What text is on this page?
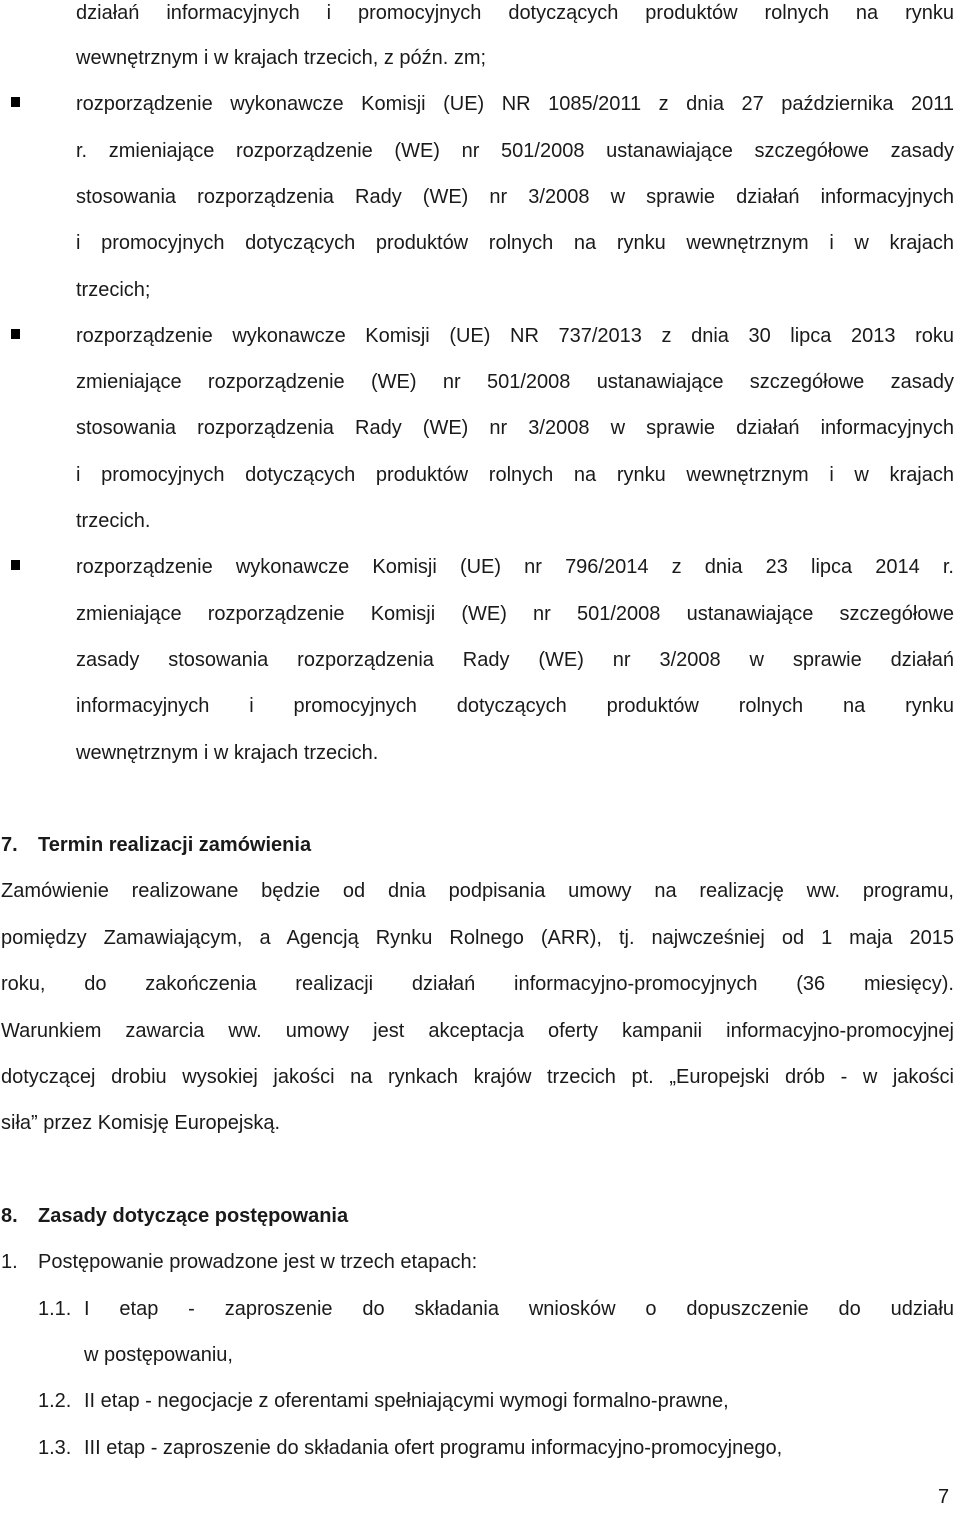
działań informacyjnych i promocyjnych dotyczących produktów rolnych na rynku
wewnętrznym i w krajach trzecich, z późn. zm;
rozporządzenie wykonawcze Komisji (UE) NR 1085/2011 z dnia 27 października 2011
r. zmieniające rozporządzenie (WE) nr 501/2008 ustanawiające szczegółowe zasady
stosowania rozporządzenia Rady (WE) nr 3/2008 w sprawie działań informacyjnych
i promocyjnych dotyczących produktów rolnych na rynku wewnętrznym i w krajach
trzecich;
rozporządzenie wykonawcze Komisji (UE) NR 737/2013 z dnia 30 lipca 2013 roku
zmieniające rozporządzenie (WE) nr 501/2008 ustanawiające szczegółowe zasady
stosowania rozporządzenia Rady (WE) nr 3/2008 w sprawie działań informacyjnych
i promocyjnych dotyczących produktów rolnych na rynku wewnętrznym i w krajach
trzecich.
rozporządzenie wykonawcze Komisji (UE) nr 796/2014 z dnia 23 lipca 2014 r.
zmieniające rozporządzenie Komisji (WE) nr 501/2008 ustanawiające szczegółowe
zasady stosowania rozporządzenia Rady (WE) nr 3/2008 w sprawie działań
informacyjnych i promocyjnych dotyczących produktów rolnych na rynku
wewnętrznym i w krajach trzecich.
7. Termin realizacji zamówienia
Zamówienie realizowane będzie od dnia podpisania umowy na realizację ww. programu,
pomiędzy Zamawiającym, a Agencją Rynku Rolnego (ARR), tj. najwcześniej od 1 maja 2015
roku, do zakończenia realizacji działań informacyjno-promocyjnych (36 miesięcy).
Warunkiem zawarcia ww. umowy jest akceptacja oferty kampanii informacyjno-promocyjnej
dotyczącej drobiu wysokiej jakości na rynkach krajów trzecich pt. „Europejski drób - w jakości
siła” przez Komisję Europejską.
8. Zasady dotyczące postępowania
1. Postępowanie prowadzone jest w trzech etapach:
1.1. I etap - zaproszenie do składania wniosków o dopuszczenie do udziału
w postępowaniu,
1.2. II etap - negocjacje z oferentami spełniającymi wymogi formalno-prawne,
1.3. III etap - zaproszenie do składania ofert programu informacyjno-promocyjnego,
7
